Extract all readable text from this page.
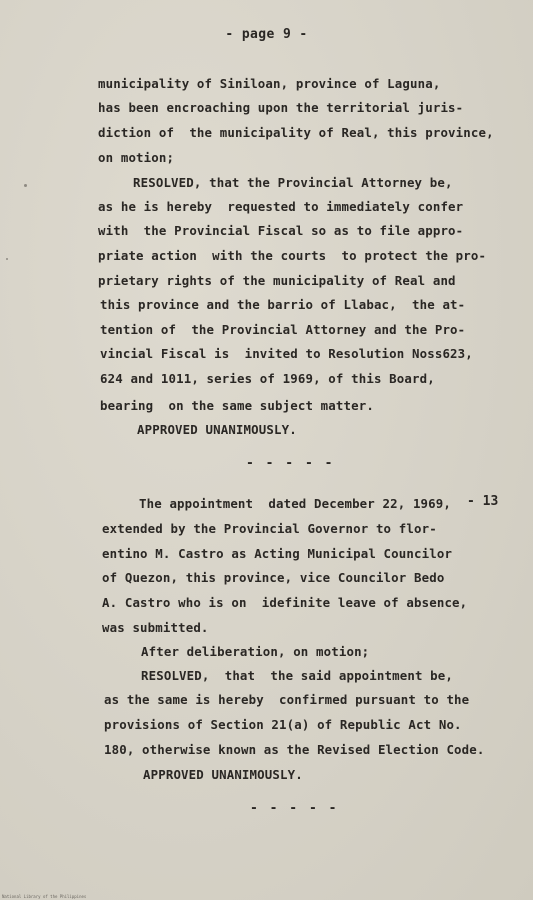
- page 9 -
municipality of Siniloan, province of Laguna,
has been encroaching upon the territorial juris-
diction of  the municipality of Real, this province,
on motion;
RESOLVED, that the Provincial Attorney be,
as he is hereby  requested to immediately confer
with  the Provincial Fiscal so as to file appro-
priate action  with the courts  to protect the pro-
prietary rights of the municipality of Real and
this province and the barrio of Llabac,  the at-
tention of  the Provincial Attorney and the Pro-
vincial Fiscal is  invited to Resolution Noss623,
624 and 1011, series of 1969, of this Board,
bearing  on the same subject matter.
APPROVED UNANIMOUSLY.
- - - - -
- 13
The appointment  dated December 22, 1969,
extended by the Provincial Governor to flor-
entino M. Castro as Acting Municipal Councilor
of Quezon, this province, vice Councilor Bedo
A. Castro who is on  idefinite leave of absence,
was submitted.
After deliberation, on motion;
RESOLVED,  that  the said appointment be,
as the same is hereby  confirmed pursuant to the
provisions of Section 21(a) of Republic Act No.
180, otherwise known as the Revised Election Code.
APPROVED UNANIMOUSLY.
- - - - -
National Library of the Philippines
